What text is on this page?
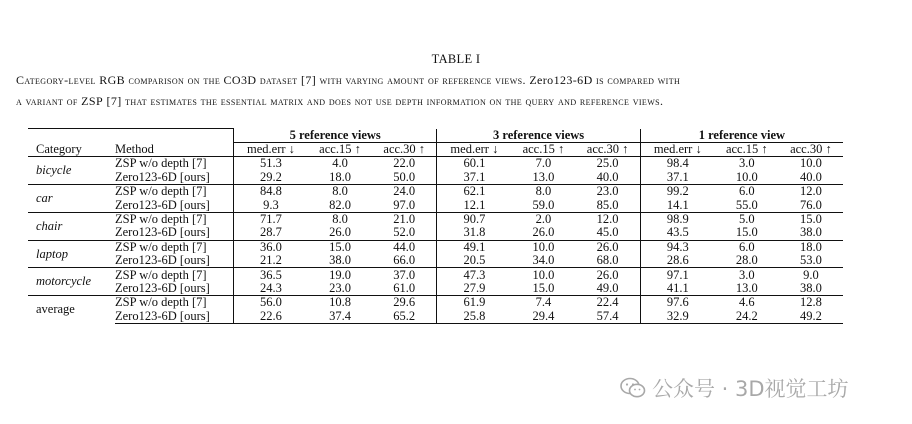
TABLE I
Category-level RGB comparison on the CO3D dataset [7] with varying amount of reference views. Zero123-6D is compared with
a variant of ZSP [7] that estimates the essential matrix and does not use depth information on the query and reference views.
		5 reference views			3 reference views			1 reference view		
Category	Method	med.err ↓	acc.15 ↑	acc.30 ↑	med.err ↓	acc.15 ↑	acc.30 ↑	med.err ↓	acc.15 ↑	acc.30 ↑
bicycle	ZSP w/o depth [7]	51.3	4.0	22.0	60.1	7.0	25.0	98.4	3.0	10.0
	Zero123-6D [ours]	29.2	18.0	50.0	37.1	13.0	40.0	37.1	10.0	40.0
car	ZSP w/o depth [7]	84.8	8.0	24.0	62.1	8.0	23.0	99.2	6.0	12.0
	Zero123-6D [ours]	9.3	82.0	97.0	12.1	59.0	85.0	14.1	55.0	76.0
chair	ZSP w/o depth [7]	71.7	8.0	21.0	90.7	2.0	12.0	98.9	5.0	15.0
	Zero123-6D [ours]	28.7	26.0	52.0	31.8	26.0	45.0	43.5	15.0	38.0
laptop	ZSP w/o depth [7]	36.0	15.0	44.0	49.1	10.0	26.0	94.3	6.0	18.0
	Zero123-6D [ours]	21.2	38.0	66.0	20.5	34.0	68.0	28.6	28.0	53.0
motorcycle	ZSP w/o depth [7]	36.5	19.0	37.0	47.3	10.0	26.0	97.1	3.0	9.0
	Zero123-6D [ours]	24.3	23.0	61.0	27.9	15.0	49.0	41.1	13.0	38.0
average	ZSP w/o depth [7]	56.0	10.8	29.6	61.9	7.4	22.4	97.6	4.6	12.8
	Zero123-6D [ours]	22.6	37.4	65.2	25.8	29.4	57.4	32.9	24.2	49.2
公众号 · 3D视觉工坊
